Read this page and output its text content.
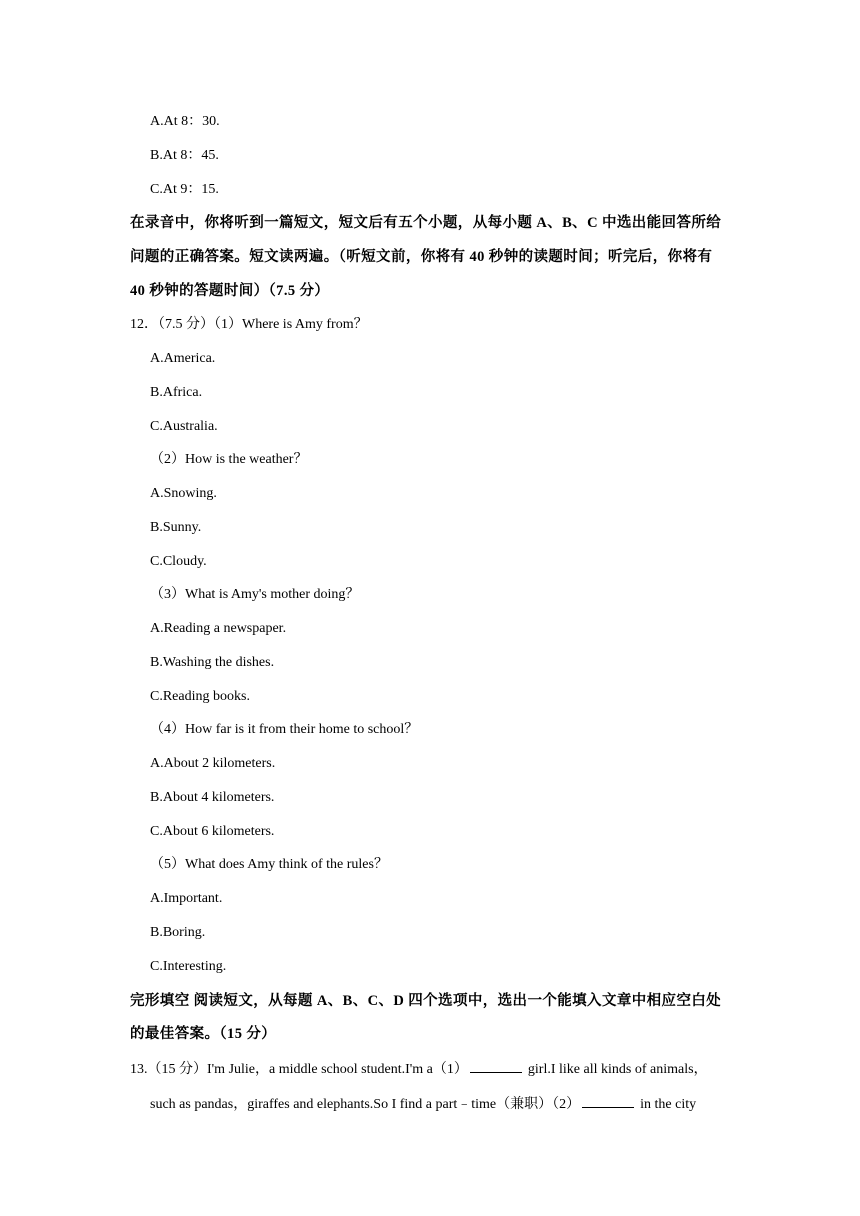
A.At 8：30.
B.At 8：45.
C.At 9：15.
在录音中，你将听到一篇短文，短文后有五个小题，从每小题 A、B、C 中选出能回答所给
问题的正确答案。短文读两遍。（听短文前，你将有 40 秒钟的读题时间；听完后，你将有
40 秒钟的答题时间）（7.5 分）
12．（7.5 分）（1）Where is Amy from？
A.America.
B.Africa.
C.Australia.
（2）How is the weather？
A.Snowing.
B.Sunny.
C.Cloudy.
（3）What is Amy's mother doing？
A.Reading a newspaper.
B.Washing the dishes.
C.Reading books.
（4）How far is it from their home to school？
A.About 2 kilometers.
B.About 4 kilometers.
C.About 6 kilometers.
（5）What does Amy think of the rules？
A.Important.
B.Boring.
C.Interesting.
完形填空 阅读短文，从每题 A、B、C、D 四个选项中，选出一个能填入文章中相应空白处
的最佳答案。（15 分）
13.（15 分）I'm Julie，a middle school student.I'm a（1）	girl.I like all kinds of animals，
such as pandas，giraffes and elephants.So I find a part﹣time（兼职）（2）	in the city
